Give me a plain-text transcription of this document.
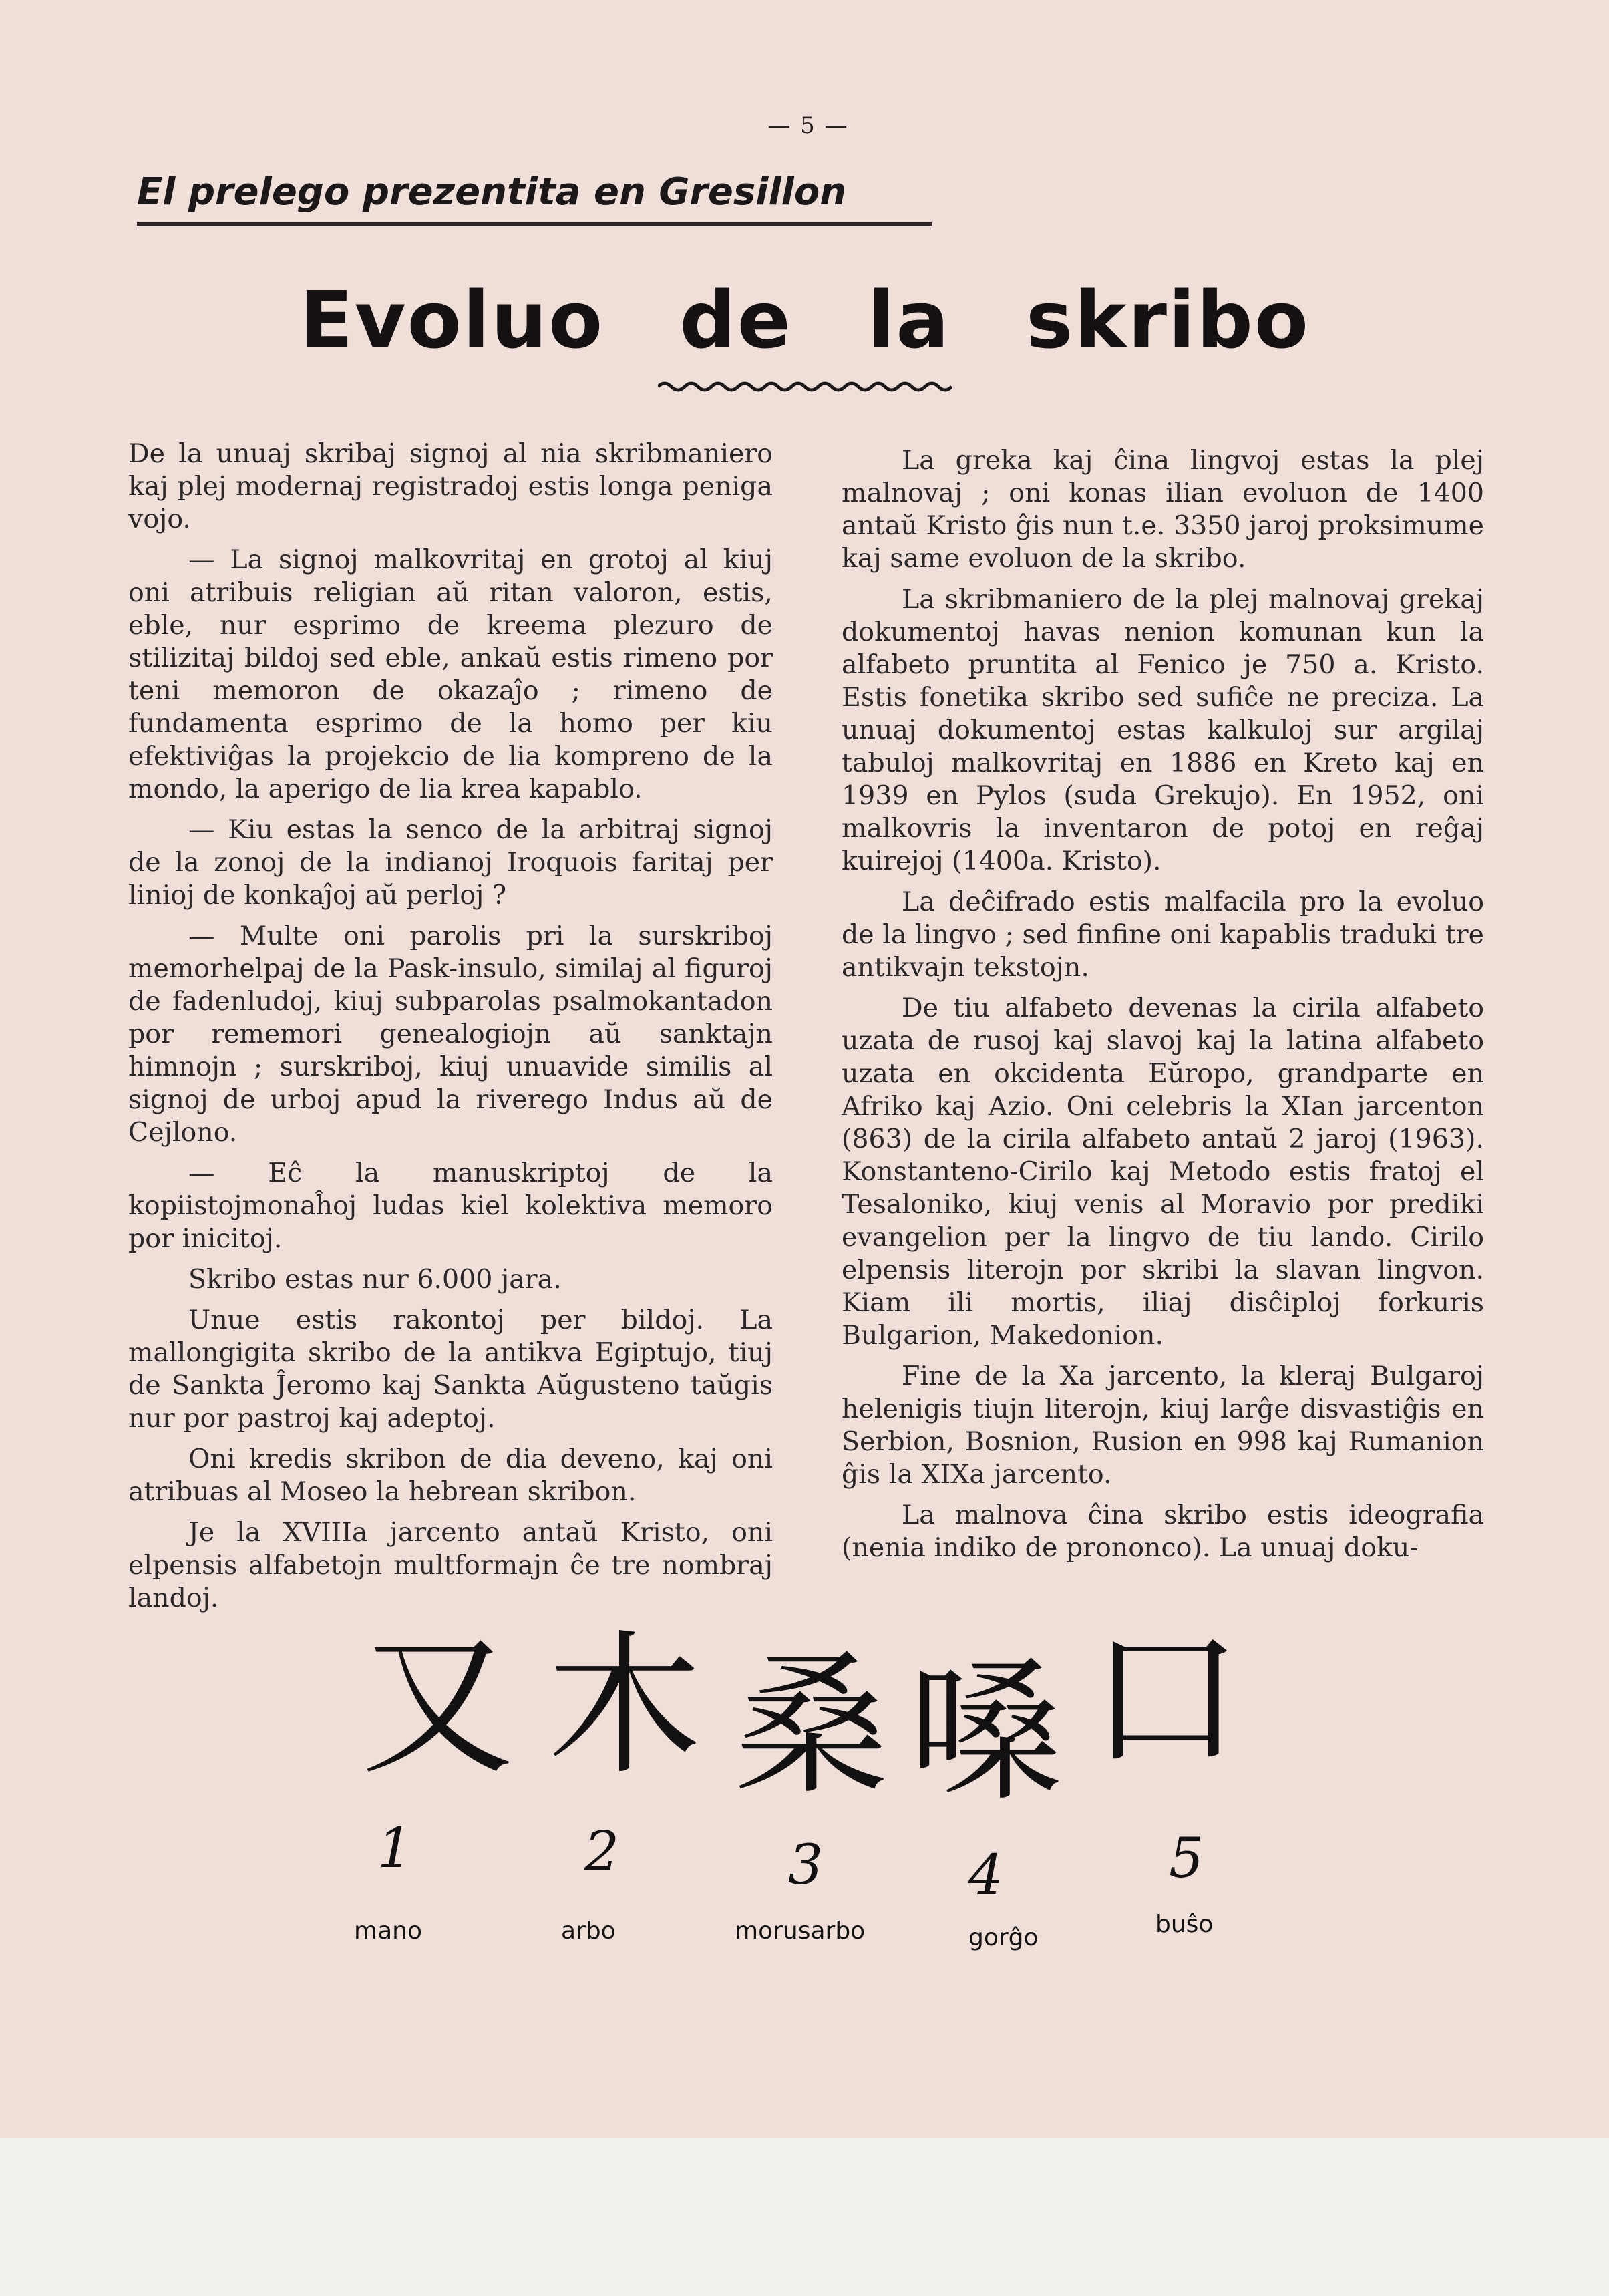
— 5 —
El prelego prezentita en Gresillon
Evoluo de la skribo

De la unuaj skribaj signoj al nia skribmaniero kaj plej modernaj registradoj estis longa peniga vojo.

— La signoj malkovritaj en grotoj al kiuj oni atribuis religian aŭ ritan valoron, estis, eble, nur esprimo de kreema plezuro de stilizitaj bildoj sed eble, ankaŭ estis rimeno por teni memoron de okazaĵo ; rimeno de fundamenta esprimo de la homo per kiu efektiviĝas la projekcio de lia kompreno de la mondo, la aperigo de lia krea kapablo.

— Kiu estas la senco de la arbitraj signoj de la zonoj de la indianoj Iroquois faritaj per linioj de konkaĵoj aŭ perloj ?

— Multe oni parolis pri la surskriboj memorhelpaj de la Pask-insulo, similaj al figuroj de fadenludoj, kiuj subparolas psalmokantadon por rememori genealogiojn aŭ sanktajn himnojn ; surskriboj, kiuj unuavide similis al signoj de urboj apud la riverego Indus aŭ de Cejlono.

— Eĉ la manuskriptoj de la kopiistojmonaĥoj ludas kiel kolektiva memoro por inicitoj.

Skribo estas nur 6.000 jara.

Unue estis rakontoj per bildoj. La mallongigita skribo de la antikva Egiptujo, tiuj de Sankta Ĵeromo kaj Sankta Aŭgusteno taŭgis nur por pastroj kaj adeptoj.

Oni kredis skribon de dia deveno, kaj oni atribuas al Moseo la hebrean skribon.

Je la XVIIIa jarcento antaŭ Kristo, oni elpensis alfabetojn multformajn ĉe tre nombraj landoj.

La greka kaj ĉina lingvoj estas la plej malnovaj ; oni konas ilian evoluon de 1400 antaŭ Kristo ĝis nun t.e. 3350 jaroj proksimume kaj same evoluon de la skribo.

La skribmaniero de la plej malnovaj grekaj dokumentoj havas nenion komunan kun la alfabeto pruntita al Fenico je 750 a. Kristo. Estis fonetika skribo sed sufiĉe ne preciza. La unuaj dokumentoj estas kalkuloj sur argilaj tabuloj malkovritaj en 1886 en Kreto kaj en 1939 en Pylos (suda Grekujo). En 1952, oni malkovris la inventaron de potoj en reĝaj kuirejoj (1400a. Kristo).

La deĉifrado estis malfacila pro la evoluo de la lingvo ; sed finfine oni kapablis traduki tre antikvajn tekstojn.

De tiu alfabeto devenas la cirila alfabeto uzata de rusoj kaj slavoj kaj la latina alfabeto uzata en okcidenta Eŭropo, grandparte en Afriko kaj Azio. Oni celebris la XIan jarcenton (863) de la cirila alfabeto antaŭ 2 jaroj (1963). Konstanteno-Cirilo kaj Metodo estis fratoj el Tesaloniko, kiuj venis al Moravio por prediki evangelion per la lingvo de tiu lando. Cirilo elpensis literojn por skribi la slavan lingvon. Kiam ili mortis, iliaj disĉiploj forkuris Bulgarion, Makedonion.

Fine de la Xa jarcento, la kleraj Bulgaroj helenigis tiujn literojn, kiuj larĝe disvastiĝis en Serbion, Bosnion, Rusion en 998 kaj Rumanion ĝis la XIXa jarcento.

La malnova ĉina skribo estis ideografia (nenia indiko de prononco). La unuaj doku-

又 木 桑 嗓 口
1	2	3	4	5
mano	arbo	morusarbo	gorĝo	buŝo
